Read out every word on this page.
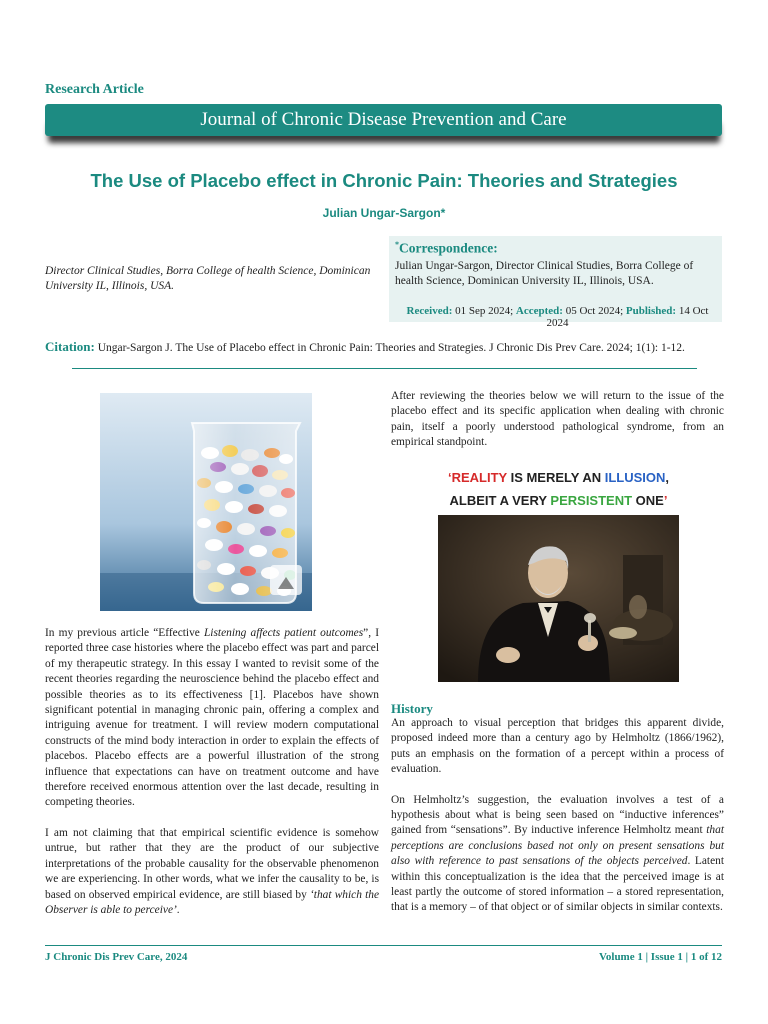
Research Article
Journal of Chronic Disease Prevention and Care
The Use of Placebo effect in Chronic Pain: Theories and Strategies
Julian Ungar-Sargon*
Director Clinical Studies, Borra College of health Science, Dominican University IL, Illinois, USA.
*Correspondence:
Julian Ungar-Sargon, Director Clinical Studies, Borra College of health Science, Dominican University IL, Illinois, USA.
Received: 01 Sep 2024; Accepted: 05 Oct 2024; Published: 14 Oct 2024
Citation: Ungar-Sargon J. The Use of Placebo effect in Chronic Pain: Theories and Strategies. J Chronic Dis Prev Care. 2024; 1(1): 1-12.

In my previous article “Effective Listening affects patient outcomes”, I reported three case histories where the placebo effect was part and parcel of my therapeutic strategy. In this essay I wanted to revisit some of the recent theories regarding the neuroscience behind the placebo effect and possible theories as to its effectiveness [1]. Placebos have shown significant potential in managing chronic pain, offering a complex and intriguing avenue for treatment. I will review modern computational constructs of the mind body interaction in order to explain the effects of placebos. Placebo effects are a powerful illustration of the strong influence that expectations can have on treatment outcome and have therefore received enormous attention over the last decade, resulting in competing theories.

I am not claiming that that empirical scientific evidence is somehow untrue, but rather that they are the product of our subjective interpretations of the probable causality for the observable phenomenon we are experiencing. In other words, what we infer the causality to be, is based on observed empirical evidence, are still biased by ‘that which the Observer is able to perceive’.

After reviewing the theories below we will return to the issue of the placebo effect and its specific application when dealing with chronic pain, itself a poorly understood pathological syndrome, from an empirical standpoint.

‘REALITY IS MERELY AN ILLUSION,
ALBEIT A VERY PERSISTENT ONE’
History

An approach to visual perception that bridges this apparent divide, proposed indeed more than a century ago by Helmholtz (1866/1962), puts an emphasis on the formation of a percept within a process of evaluation.

On Helmholtz’s suggestion, the evaluation involves a test of a hypothesis about what is being seen based on “inductive inferences” gained from “sensations”. By inductive inference Helmholtz meant that perceptions are conclusions based not only on present sensations but also with reference to past sensations of the objects perceived. Latent within this conceptualization is the idea that the perceived image is at least partly the outcome of stored information – a stored representation, that is a memory – of that object or of similar objects in similar contexts.

J Chronic Dis Prev Care, 2024	Volume 1 | Issue 1 | 1 of 12
